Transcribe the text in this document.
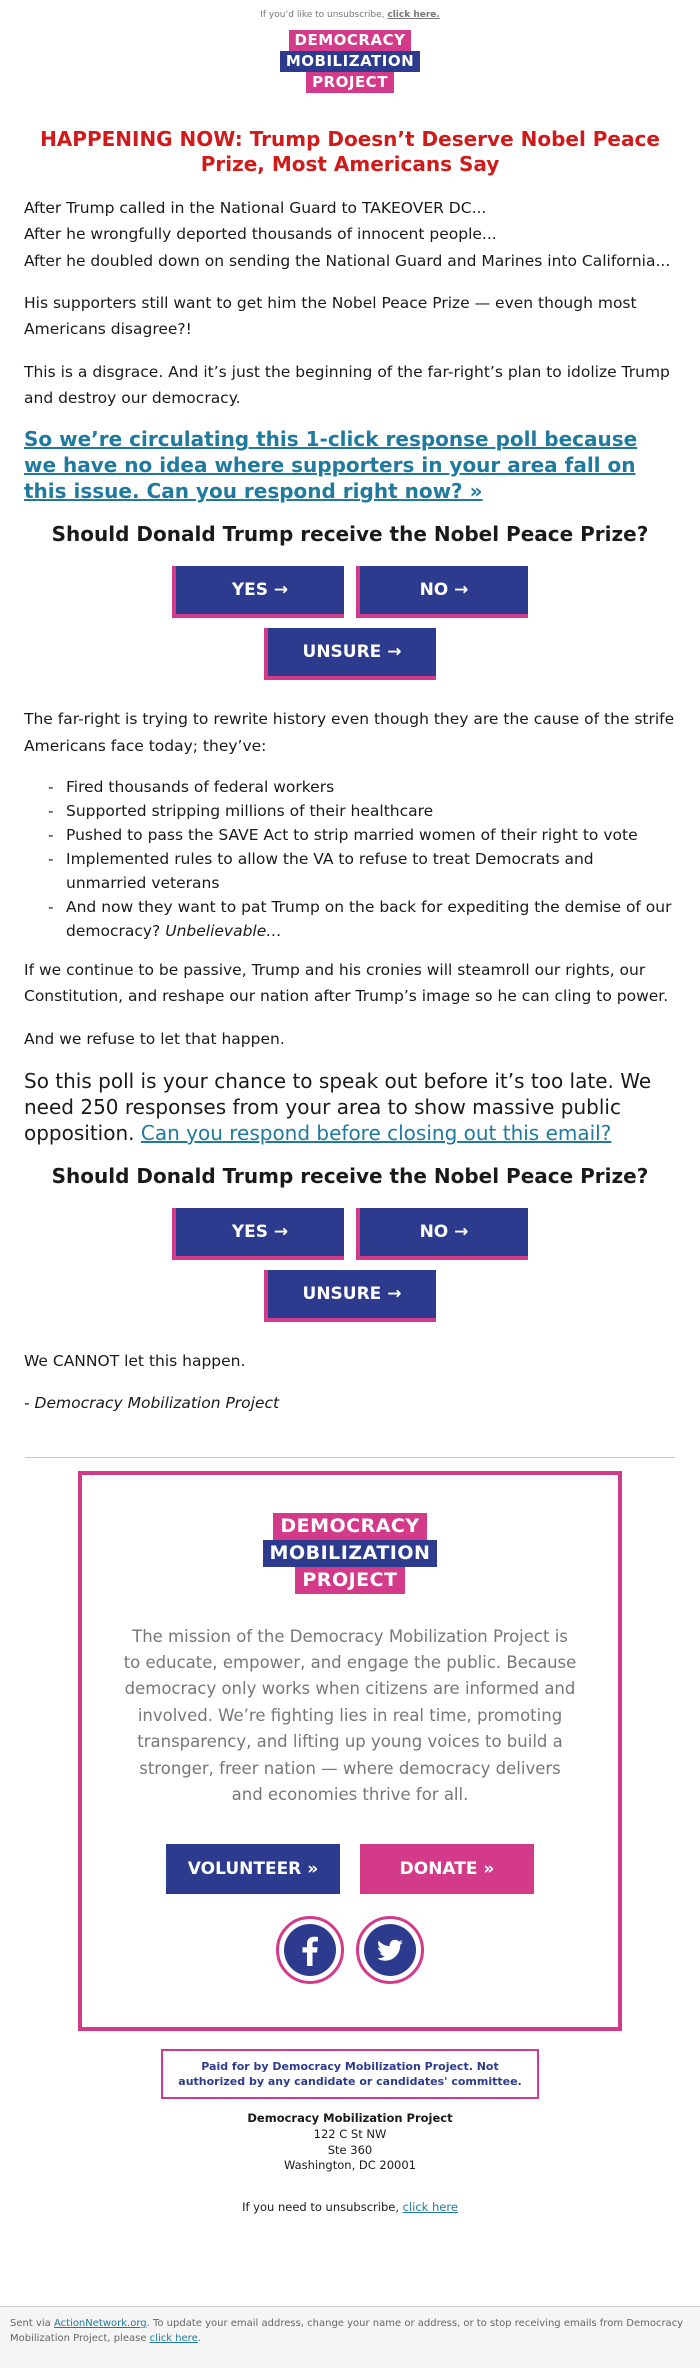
If you’d like to unsubscribe, click here.
DEMOCRACY
MOBILIZATION
PROJECT
HAPPENING NOW: Trump Doesn’t Deserve Nobel Peace Prize, Most Americans Say

After Trump called in the National Guard to TAKEOVER DC...
After he wrongfully deported thousands of innocent people...
After he doubled down on sending the National Guard and Marines into California...

His supporters still want to get him the Nobel Peace Prize — even though most Americans disagree?!

This is a disgrace. And it’s just the beginning of the far-right’s plan to idolize Trump and destroy our democracy.

So we’re circulating this 1-click response poll because we have no idea where supporters in your area fall on this issue. Can you respond right now? »
Should Donald Trump receive the Nobel Peace Prize?
YES →	NO →
UNSURE →

The far-right is trying to rewrite history even though they are the cause of the strife Americans face today; they’ve:

- Fired thousands of federal workers
- Supported stripping millions of their healthcare
- Pushed to pass the SAVE Act to strip married women of their right to vote
- Implemented rules to allow the VA to refuse to treat Democrats and unmarried veterans
- And now they want to pat Trump on the back for expediting the demise of our democracy? Unbelievable…

If we continue to be passive, Trump and his cronies will steamroll our rights, our Constitution, and reshape our nation after Trump’s image so he can cling to power.

And we refuse to let that happen.

So this poll is your chance to speak out before it’s too late. We need 250 responses from your area to show massive public opposition. Can you respond before closing out this email?
Should Donald Trump receive the Nobel Peace Prize?
YES →	NO →
UNSURE →

We CANNOT let this happen.

- Democracy Mobilization Project

DEMOCRACY
MOBILIZATION
PROJECT
The mission of the Democracy Mobilization Project is to educate, empower, and engage the public. Because democracy only works when citizens are informed and involved. We’re fighting lies in real time, promoting transparency, and lifting up young voices to build a stronger, freer nation — where democracy delivers and economies thrive for all.
VOLUNTEER »	DONATE »
Paid for by Democracy Mobilization Project. Not authorized by any candidate or candidates' committee.
Democracy Mobilization Project
122 C St NW
Ste 360
Washington, DC 20001
If you need to unsubscribe, click here
Sent via ActionNetwork.org. To update your email address, change your name or address, or to stop receiving emails from Democracy Mobilization Project, please click here.
